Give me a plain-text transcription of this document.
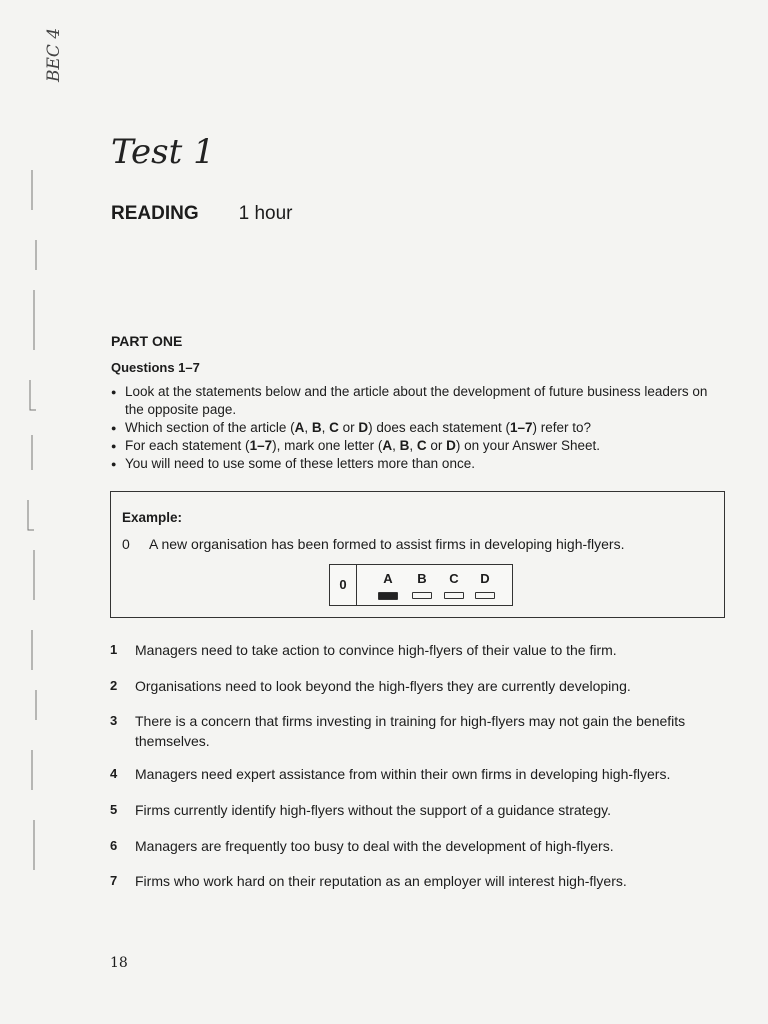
BEC 4
Test 1
READING 1 hour

PART ONE

Questions 1–7

● Look at the statements below and the article about the development of future business leaders on the opposite page.
● Which section of the article (A, B, C or D) does each statement (1–7) refer to?
● For each statement (1–7), mark one letter (A, B, C or D) on your Answer Sheet.
● You will need to use some of these letters more than once.
Example:
0 A new organisation has been formed to assist firms in developing high-flyers.
0	A	B	C	D
1 Managers need to take action to convince high-flyers of their value to the firm.
2 Organisations need to look beyond the high-flyers they are currently developing.
3 There is a concern that firms investing in training for high-flyers may not gain the benefits themselves.
4 Managers need expert assistance from within their own firms in developing high-flyers.
5 Firms currently identify high-flyers without the support of a guidance strategy.
6 Managers are frequently too busy to deal with the development of high-flyers.
7 Firms who work hard on their reputation as an employer will interest high-flyers.
18
